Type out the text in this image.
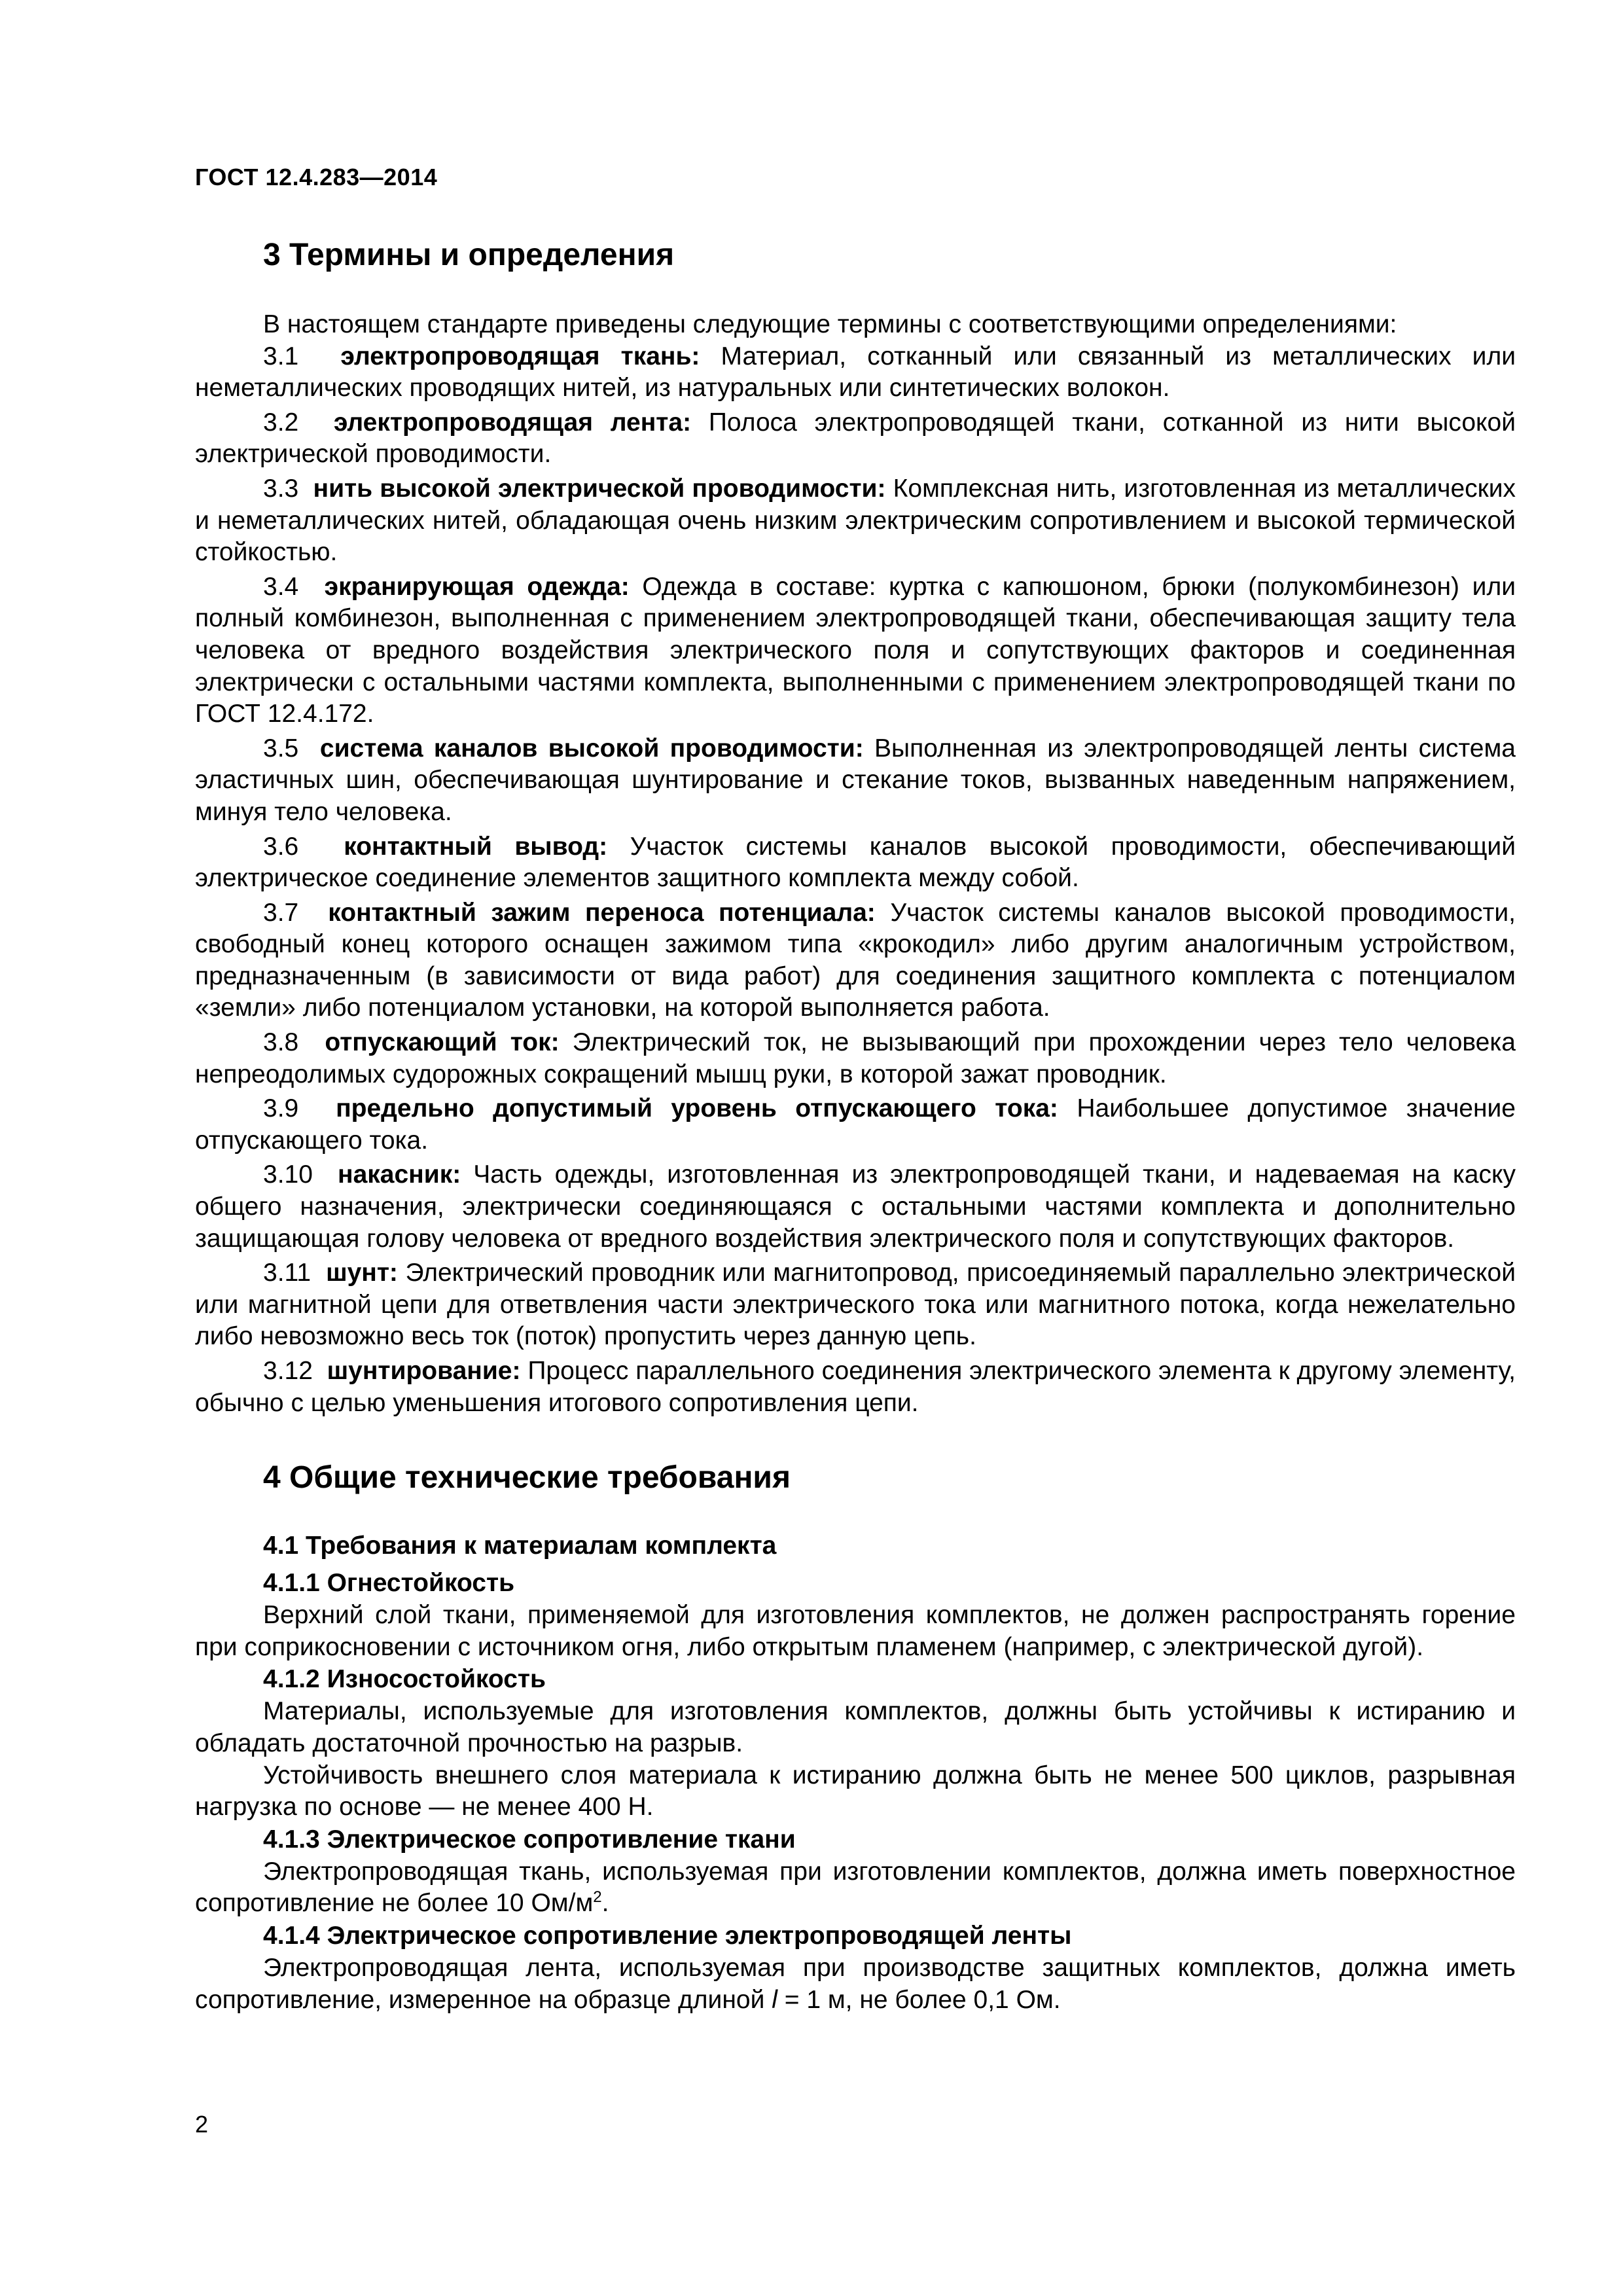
ГОСТ 12.4.283—2014
3 Термины и определения

В настоящем стандарте приведены следующие термины с соответствующими определениями:

3.1 электропроводящая ткань: Материал, сотканный или связанный из металлических или неметаллических проводящих нитей, из натуральных или синтетических волокон.

3.2 электропроводящая лента: Полоса электропроводящей ткани, сотканной из нити высокой электрической проводимости.

3.3 нить высокой электрической проводимости: Комплексная нить, изготовленная из металлических и неметаллических нитей, обладающая очень низким электрическим сопротивлением и высокой термической стойкостью.

3.4 экранирующая одежда: Одежда в составе: куртка с капюшоном, брюки (полукомбинезон) или полный комбинезон, выполненная с применением электропроводящей ткани, обеспечивающая защиту тела человека от вредного воздействия электрического поля и сопутствующих факторов и соединенная электрически с остальными частями комплекта, выполненными с применением электропроводящей ткани по ГОСТ 12.4.172.

3.5 система каналов высокой проводимости: Выполненная из электропроводящей ленты система эластичных шин, обеспечивающая шунтирование и стекание токов, вызванных наведенным напряжением, минуя тело человека.

3.6 контактный вывод: Участок системы каналов высокой проводимости, обеспечивающий электрическое соединение элементов защитного комплекта между собой.

3.7 контактный зажим переноса потенциала: Участок системы каналов высокой проводимости, свободный конец которого оснащен зажимом типа «крокодил» либо другим аналогичным устройством, предназначенным (в зависимости от вида работ) для соединения защитного комплекта с потенциалом «земли» либо потенциалом установки, на которой выполняется работа.

3.8 отпускающий ток: Электрический ток, не вызывающий при прохождении через тело человека непреодолимых судорожных сокращений мышц руки, в которой зажат проводник.

3.9 предельно допустимый уровень отпускающего тока: Наибольшее допустимое значение отпускающего тока.

3.10 накасник: Часть одежды, изготовленная из электропроводящей ткани, и надеваемая на каску общего назначения, электрически соединяющаяся с остальными частями комплекта и дополнительно защищающая голову человека от вредного воздействия электрического поля и сопутствующих факторов.

3.11 шунт: Электрический проводник или магнитопровод, присоединяемый параллельно электрической или магнитной цепи для ответвления части электрического тока или магнитного потока, когда нежелательно либо невозможно весь ток (поток) пропустить через данную цепь.

3.12 шунтирование: Процесс параллельного соединения электрического элемента к другому элементу, обычно с целью уменьшения итогового сопротивления цепи.

4 Общие технические требования
4.1 Требования к материалам комплекта
4.1.1 Огнестойкость

Верхний слой ткани, применяемой для изготовления комплектов, не должен распространять горение при соприкосновении с источником огня, либо открытым пламенем (например, с электрической дугой).

4.1.2 Износостойкость

Материалы, используемые для изготовления комплектов, должны быть устойчивы к истиранию и обладать достаточной прочностью на разрыв.

Устойчивость внешнего слоя материала к истиранию должна быть не менее 500 циклов, разрывная нагрузка по основе — не менее 400 Н.

4.1.3 Электрическое сопротивление ткани

Электропроводящая ткань, используемая при изготовлении комплектов, должна иметь поверхностное сопротивление не более 10 $Ом/м^2$.

4.1.4 Электрическое сопротивление электропроводящей ленты

Электропроводящая лента, используемая при производстве защитных комплектов, должна иметь сопротивление, измеренное на образце длиной l = 1 м, не более 0,1 Ом.

2
